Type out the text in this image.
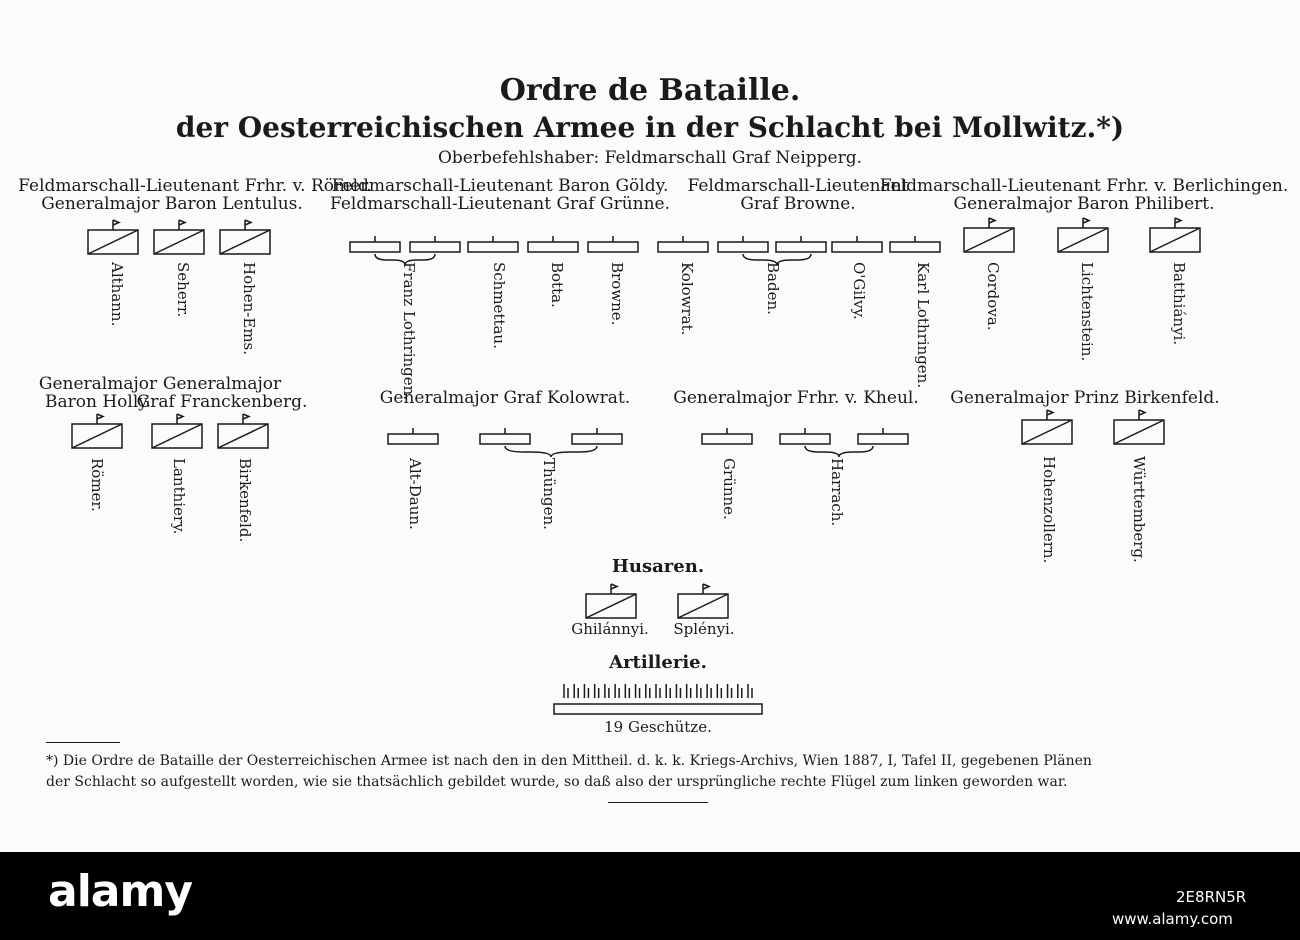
Ordre de Bataille.
der Oesterreichischen Armee in der Schlacht bei Mollwitz.*)
Oberbefehlshaber: Feldmarschall Graf Neipperg.
Feldmarschall-Lieutenant Frhr. v. Römer.
Generalmajor Baron Lentulus.
Feldmarschall-Lieutenant Baron Göldy.
Feldmarschall-Lieutenant Graf Grünne.
Feldmarschall-Lieutenant
Graf Browne.
Feldmarschall-Lieutenant Frhr. v. Berlichingen.
Generalmajor Baron Philibert.
Althann.	Seherr.	Hohen-Ems.	Franz Lothringen.	Schmettau.	Botta.	Browne.	Kolowrat.	Baden.	O'Gilvy.	Karl Lothringen.	Cordova.	Lichtenstein.	Batthiányi.
Generalmajor
Baron Holly.
Generalmajor
Graf Franckenberg.	Generalmajor Graf Kolowrat.	Generalmajor Frhr. v. Kheul. Generalmajor Prinz Birkenfeld.
Römer.	Lanthiery.	Birkenfeld.	Alt-Daun.	Thüngen.	Grünne.	Harrach.	Hohenzollern.	Württemberg.
Husaren.
Ghilánnyi. Splényi.
Artillerie.
19 Geschütze.
*) Die Ordre de Bataille der Oesterreichischen Armee ist nach den in den Mittheil. d. k. k. Kriegs-Archivs, Wien 1887, I, Tafel II, gegebenen Plänen
der Schlacht so aufgestellt worden, wie sie thatsächlich gebildet wurde, so daß also der ursprüngliche rechte Flügel zum linken geworden war.
alamy	2E8RN5R
www.alamy.com
